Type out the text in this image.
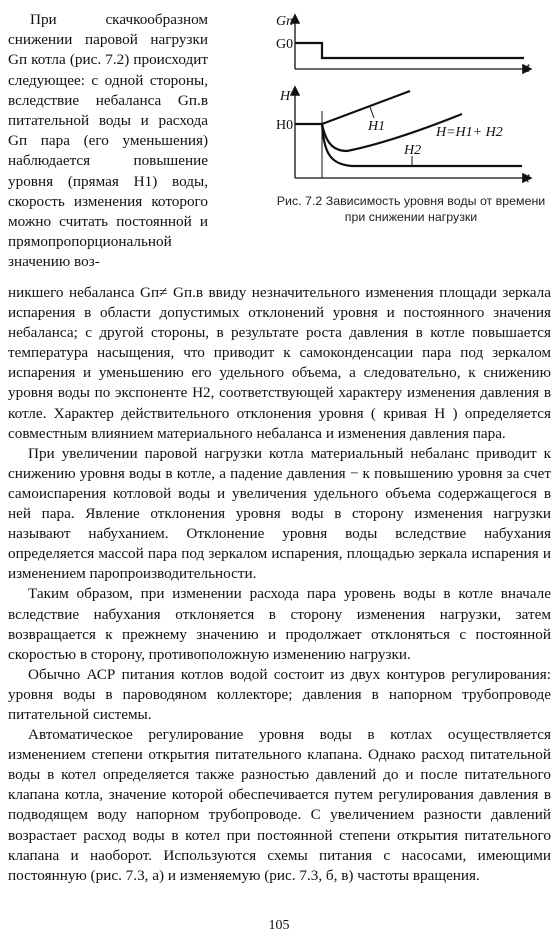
При скачкообразном снижении паровой нагрузки Gп котла (рис. 7.2) происходит следующее: с одной стороны, вследствие небаланса Gп.в питательной воды и расхода Gп пара (его уменьшения) наблюдается повышение уровня (прямая H1) воды, скорость изменения которого можно считать постоянной и прямопропорциональной значению воз-

Gп
G0
t
H
H0
t
H1
H2
H=H1+ H2
Рис. 7.2 Зависимость уровня воды от времени при снижении нагрузки

никшего небаланса Gп≠ Gп.в ввиду незначительного изменения площади зеркала испарения в области допустимых отклонений уровня и постоянного значения небаланса; с другой стороны, в результате роста давления в котле повышается температура насыщения, что приводит к самоконденсации пара под зеркалом испарения и уменьшению его удельного объема, а следовательно, к снижению уровня воды по экспоненте H2, соответствующей характеру изменения давления в котле. Характер действительного отклонения уровня ( кривая H ) определяется совместным влиянием материального небаланса и изменения давления пара.

При увеличении паровой нагрузки котла материальный небаланс приводит к снижению уровня воды в котле, а падение давления − к повышению уровня за счет самоиспарения котловой воды и увеличения удельного объема содержащегося в ней пара. Явление отклонения уровня воды в сторону изменения нагрузки называют набуханием. Отклонение уровня воды вследствие набухания определяется массой пара под зеркалом испарения, площадью зеркала испарения и изменением паропроизводительности.

Таким образом, при изменении расхода пара уровень воды в котле вначале вследствие набухания отклоняется в сторону изменения нагрузки, затем возвращается к прежнему значению и продолжает отклоняться с постоянной скоростью в сторону, противоположную изменению нагрузки.

Обычно АСР питания котлов водой состоит из двух контуров регулирования: уровня воды в пароводяном коллекторе; давления в напорном трубопроводе питательной системы.

Автоматическое регулирование уровня воды в котлах осуществляется изменением степени открытия питательного клапана. Однако расход питательной воды в котел определяется также разностью давлений до и после питательного клапана котла, значение которой обеспечивается путем регулирования давления в подводящем воду напорном трубопроводе. С увеличением разности давлений возрастает расход воды в котел при постоянной степени открытия питательного клапана и наоборот. Используются схемы питания с насосами, имеющими постоянную (рис. 7.3, а) и изменяемую (рис. 7.3, б, в) частоты вращения.

105
